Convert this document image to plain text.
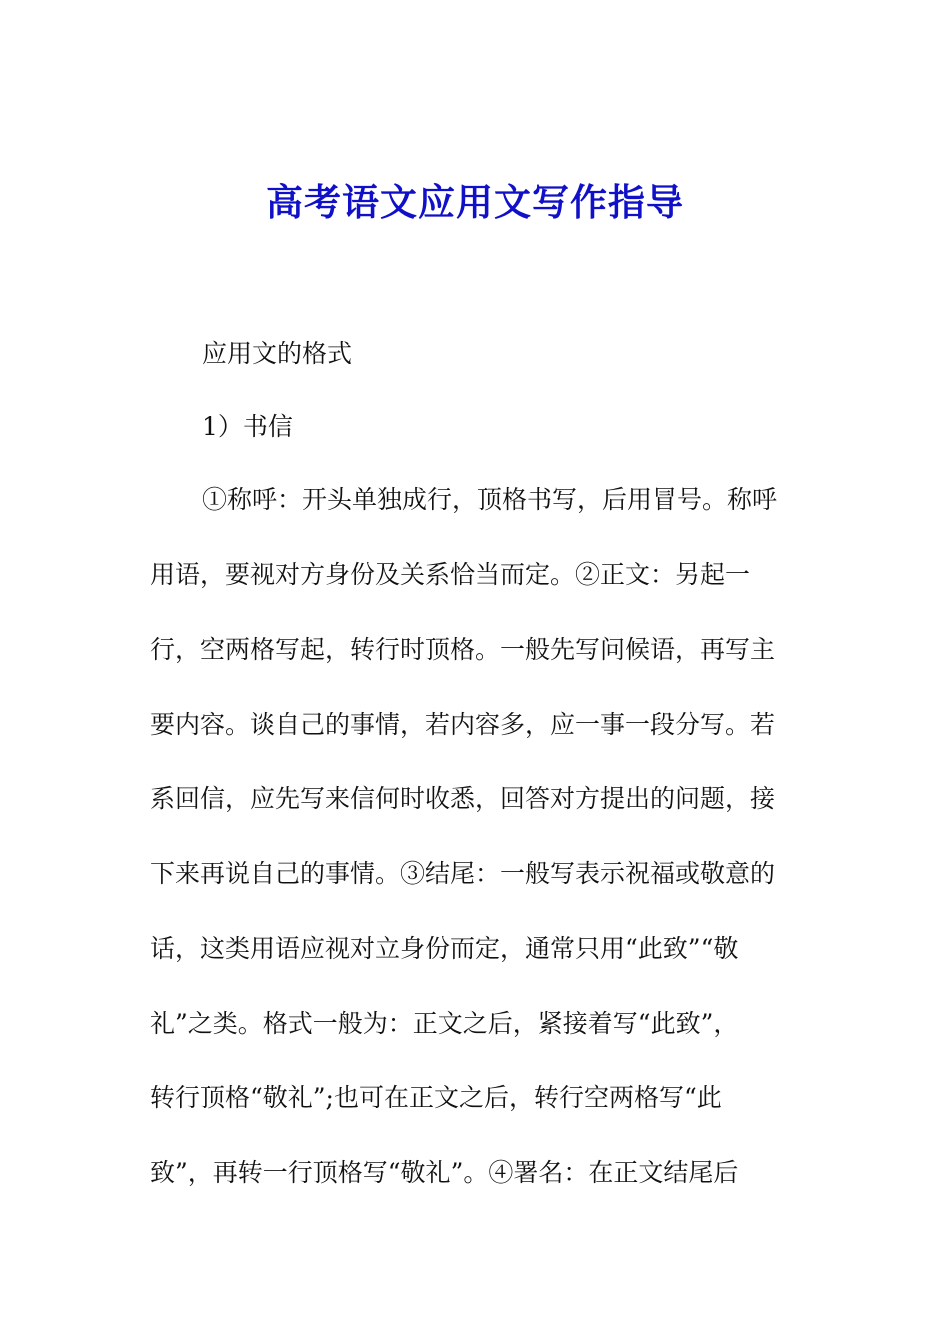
高考语文应用文写作指导

应用文的格式

1）书信

①称呼：开头单独成行，顶格书写，后用冒号。称呼

用语，要视对方身份及关系恰当而定。②正文：另起一

行，空两格写起，转行时顶格。一般先写问候语，再写主

要内容。谈自己的事情，若内容多，应一事一段分写。若

系回信，应先写来信何时收悉，回答对方提出的问题，接

下来再说自己的事情。③结尾：一般写表示祝福或敬意的

话，这类用语应视对立身份而定，通常只用“此致”“敬

礼”之类。格式一般为：正文之后，紧接着写“此致”，

转行顶格“敬礼”;也可在正文之后，转行空两格写“此

致”，再转一行顶格写“敬礼”。④署名：在正文结尾后
